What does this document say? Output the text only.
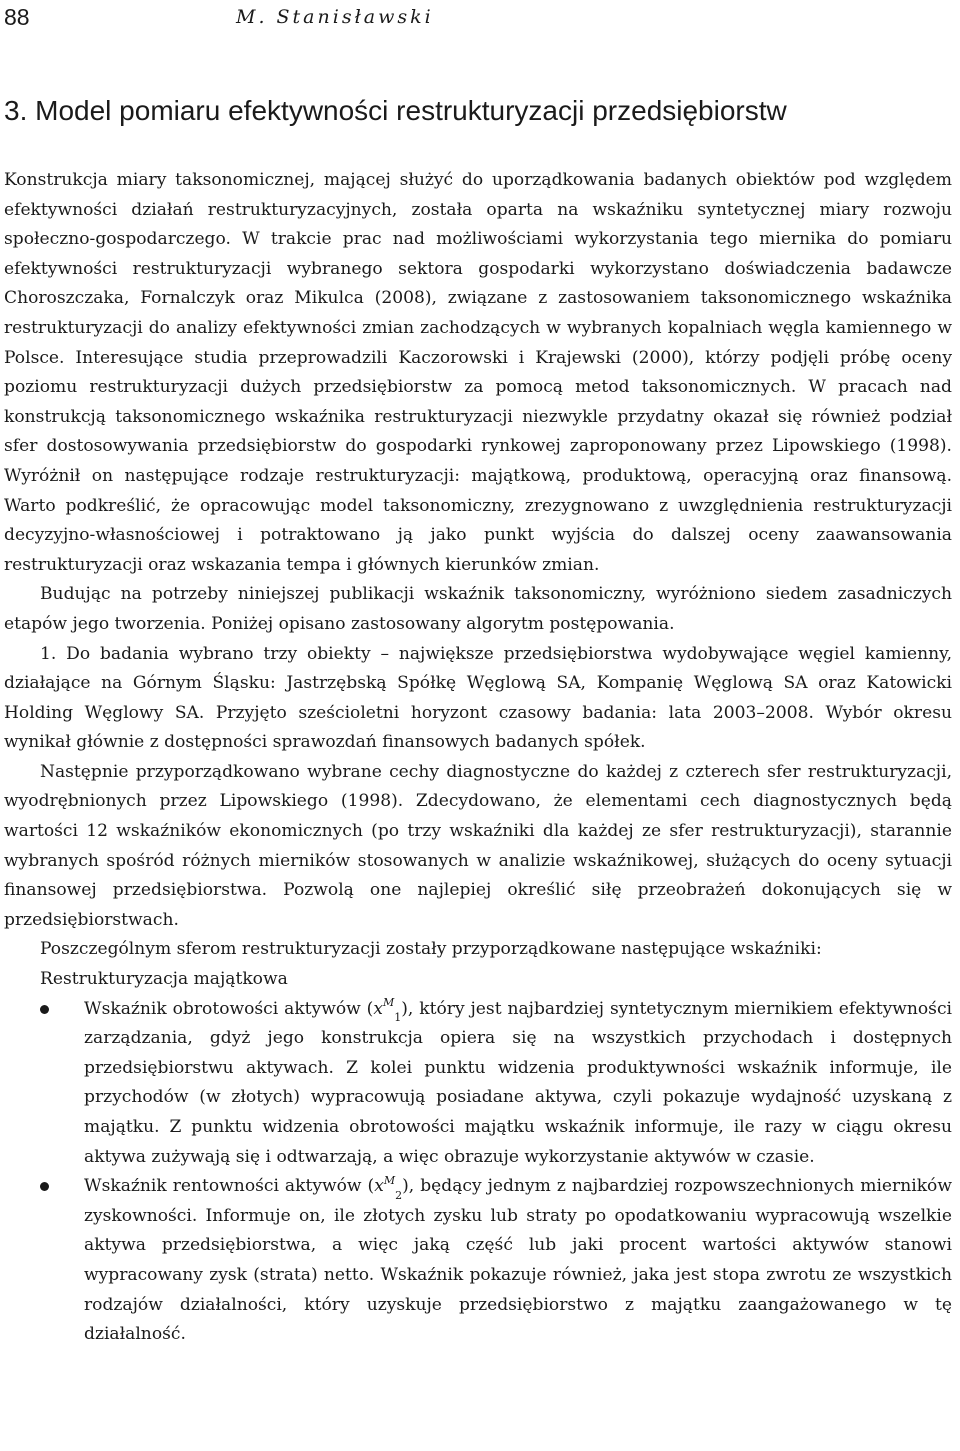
88	M. Stanisławski
3. Model pomiaru efektywności restrukturyzacji przedsiębiorstw

Konstrukcja miary taksonomicznej, mającej służyć do uporządkowania badanych obiektów pod względem efektywności działań restrukturyzacyjnych, została oparta na wskaźniku syntetycznej miary rozwoju społeczno-gospodarczego. W trakcie prac nad możliwościami wykorzystania tego miernika do pomiaru efektywności restrukturyzacji wybranego sektora gospodarki wykorzystano doświadczenia badawcze Choroszczaka, Fornalczyk oraz Mikulca (2008), związane z zastosowaniem taksonomicznego wskaźnika restrukturyzacji do analizy efektywności zmian zachodzących w wybranych kopalniach węgla kamiennego w Polsce. Interesujące studia przeprowadzili Kaczorowski i Krajewski (2000), którzy podjęli próbę oceny poziomu restrukturyzacji dużych przedsiębiorstw za pomocą metod taksonomicznych. W pracach nad konstrukcją taksonomicznego wskaźnika restrukturyzacji niezwykle przydatny okazał się również podział sfer dostosowywania przedsiębiorstw do gospodarki rynkowej zaproponowany przez Lipowskiego (1998). Wyróżnił on następujące rodzaje restrukturyzacji: majątkową, produktową, operacyjną oraz finansową. Warto podkreślić, że opracowując model taksonomiczny, zrezygnowano z uwzględnienia restrukturyzacji decyzyjno-własnościowej i potraktowano ją jako punkt wyjścia do dalszej oceny zaawansowania restrukturyzacji oraz wskazania tempa i głównych kierunków zmian.

Budując na potrzeby niniejszej publikacji wskaźnik taksonomiczny, wyróżniono siedem zasadniczych etapów jego tworzenia. Poniżej opisano zastosowany algorytm postępowania.

1. Do badania wybrano trzy obiekty – największe przedsiębiorstwa wydobywające węgiel kamienny, działające na Górnym Śląsku: Jastrzębską Spółkę Węglową SA, Kompanię Węglową SA oraz Katowicki Holding Węglowy SA. Przyjęto sześcioletni horyzont czasowy badania: lata 2003–2008. Wybór okresu wynikał głównie z dostępności sprawozdań finansowych badanych spółek.

Następnie przyporządkowano wybrane cechy diagnostyczne do każdej z czterech sfer restrukturyzacji, wyodrębnionych przez Lipowskiego (1998). Zdecydowano, że elementami cech diagnostycznych będą wartości 12 wskaźników ekonomicznych (po trzy wskaźniki dla każdej ze sfer restrukturyzacji), starannie wybranych spośród różnych mierników stosowanych w analizie wskaźnikowej, służących do oceny sytuacji finansowej przedsiębiorstwa. Pozwolą one najlepiej określić siłę przeobrażeń dokonujących się w przedsiębiorstwach.

Poszczególnym sferom restrukturyzacji zostały przyporządkowane następujące wskaźniki:

Restrukturyzacja majątkowa

Wskaźnik obrotowości aktywów $(x^M_1)$, który jest najbardziej syntetycznym miernikiem efektywności zarządzania, gdyż jego konstrukcja opiera się na wszystkich przychodach i dostępnych przedsiębiorstwu aktywach. Z kolei punktu widzenia produktywności wskaźnik informuje, ile przychodów (w złotych) wypracowują posiadane aktywa, czyli pokazuje wydajność uzyskaną z majątku. Z punktu widzenia obrotowości majątku wskaźnik informuje, ile razy w ciągu okresu aktywa zużywają się i odtwarzają, a więc obrazuje wykorzystanie aktywów w czasie.
Wskaźnik rentowności aktywów $(x^M_2)$, będący jednym z najbardziej rozpowszechnionych mierników zyskowności. Informuje on, ile złotych zysku lub straty po opodatkowaniu wypracowują wszelkie aktywa przedsiębiorstwa, a więc jaką część lub jaki procent wartości aktywów stanowi wypracowany zysk (strata) netto. Wskaźnik pokazuje również, jaka jest stopa zwrotu ze wszystkich rodzajów działalności, który uzyskuje przedsiębiorstwo z majątku zaangażowanego w tę działalność.
